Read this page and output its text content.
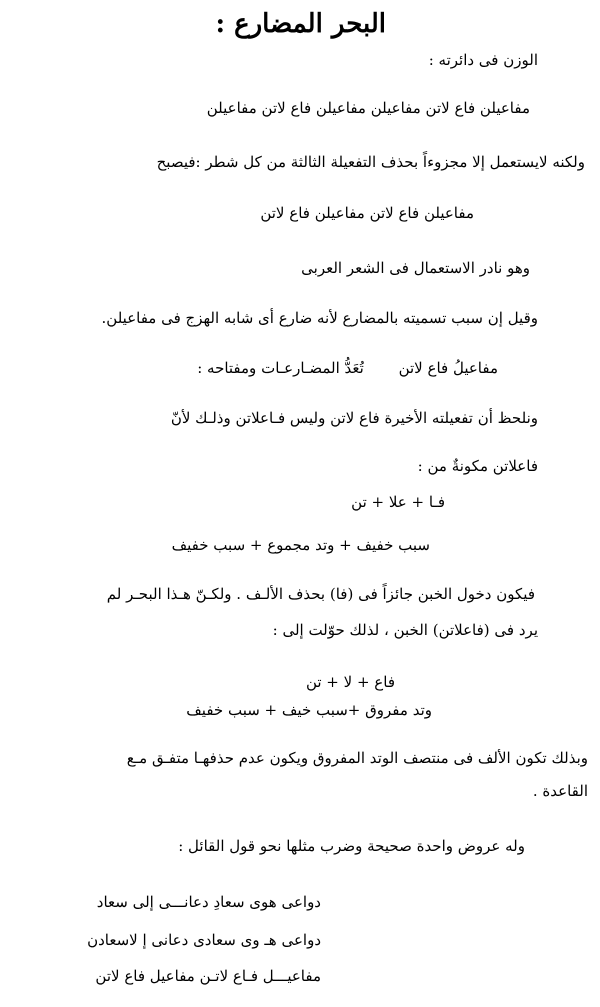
البحر المضارع :
الوزن فى دائرته :
مفاعيلن فاع لاتن مفاعيلن مفاعيلن فاع لاتن مفاعيلن
ولكنه لايستعمل إلا مجزوءاً بحذف التفعيلة الثالثة من كل شطر :فيصبح
مفاعيلن فاع لاتن مفاعيلن فاع لاتن
وهو نادر الاستعمال فى الشعر العربى
وقيل إن سبب تسميته بالمضارع لأنه ضارع أى شابه الهزج فى مفاعيلن.
ومفتاحه : تُعَدُّ المضـارعـات مفاعيلُ فاع لاتن
ونلحظ أن تفعيلته الأخيرة فاع لاتن وليس فـاعلاتن وذلـك لأنّ
فاعلاتن مكونةٌ من :
فـا + علا + تن
سبب خفيف + وتد مجموع + سبب خفيف
فيكون دخول الخبن جائزاً فى (فا) بحذف الألـف . ولكـنّ هـذا البحـر لم
يرد فى (فاعلاتن) الخبن ، لذلك حوّلت إلى :
فاع + لا + تن
وتد مفروق +سبب خيف + سبب خفيف
وبذلك تكون الألف فى منتصف الوتد المفروق ويكون عدم حذفهـا متفـق مـع
القاعدة .
وله عروض واحدة صحيحة وضرب مثلها نحو قول القائل :
دعانـــى إلى سعاد دواعى هوى سعادِ
دعانى إ لاسعادن دواعى هـ وى سعادى
مفاعيل فاع لاتن مفاعيـــل فـاع لاتـن
